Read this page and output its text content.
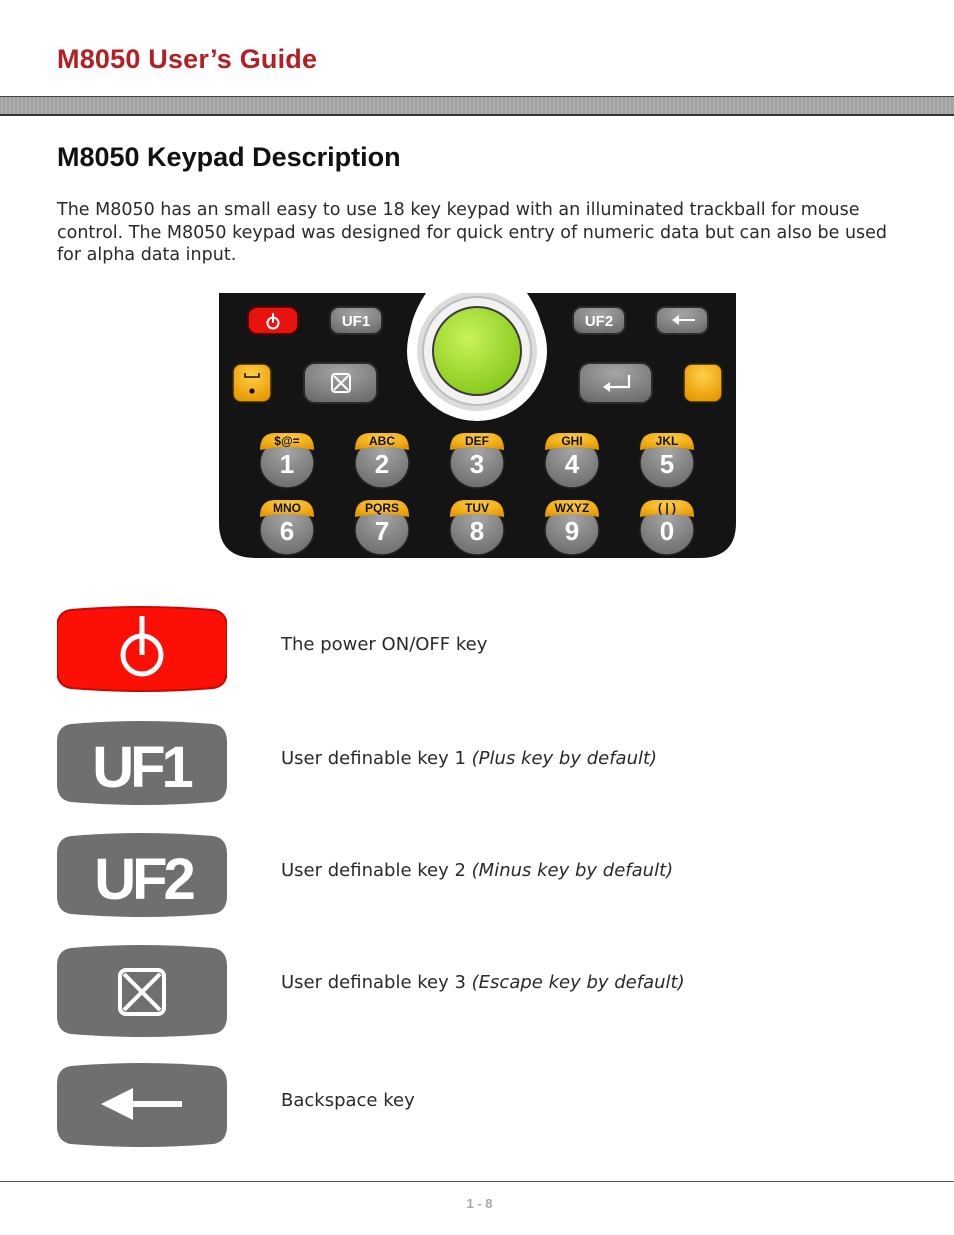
M8050 User’s Guide
M8050 Keypad Description

The M8050 has an small easy to use 18 key keypad with an illuminated trackball for mouse control. The M8050 keypad was designed for quick entry of numeric data but can also be used for alpha data input.

UF1	UF2
$@=
1
ABC
2
DEF
3
GHI
4
JKL
5
MNO
6
PQRS
7
TUV
8
WXYZ
9
( | )
0
The power ON/OFF key
UF1	User definable key 1 (Plus key by default)
UF2	User definable key 2 (Minus key by default)
User definable key 3 (Escape key by default)
Backspace key
1 - 8
